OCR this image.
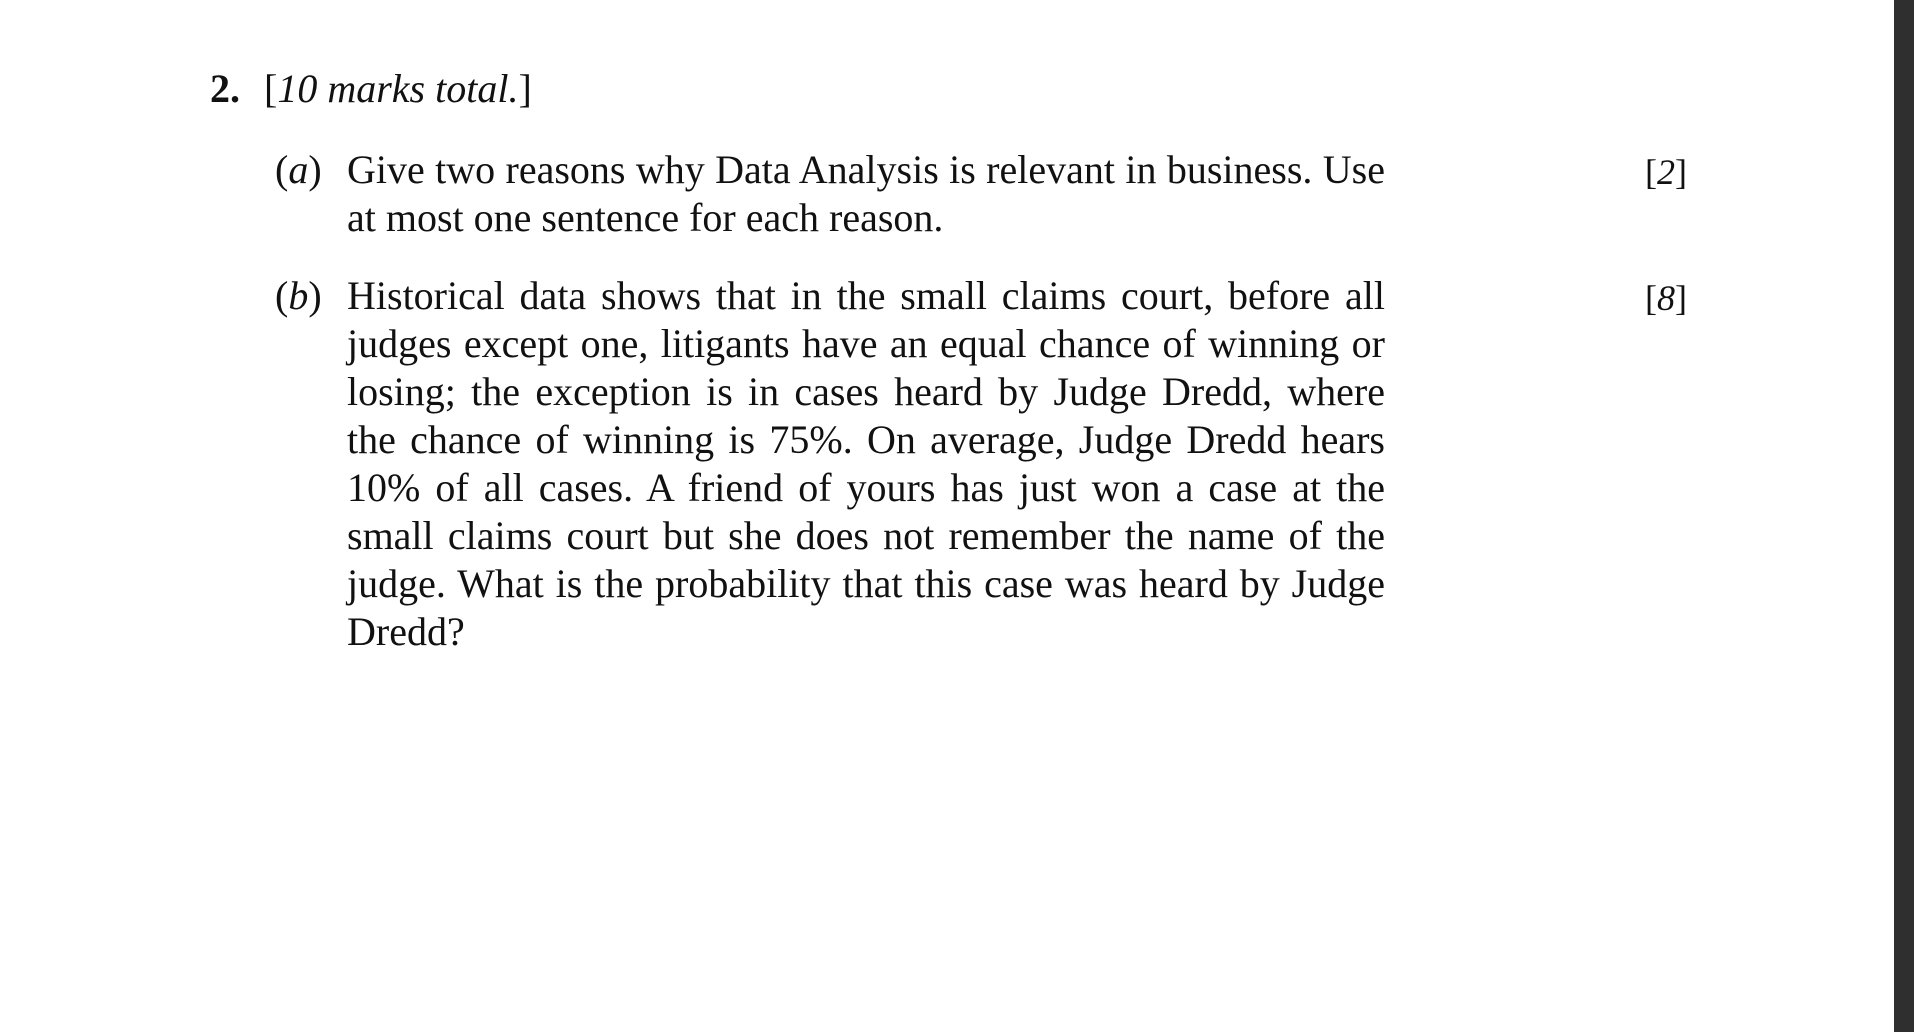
2. [10 marks total.]
(a) Give two reasons why Data Analysis is relevant in business. Use at most one sentence for each reason.

[2]
(b) Historical data shows that in the small claims court, before all judges except one, litigants have an equal chance of winning or losing; the exception is in cases heard by Judge Dredd, where the chance of winning is 75%. On average, Judge Dredd hears 10% of all cases. A friend of yours has just won a case at the small claims court but she does not remember the name of the judge. What is the probability that this case was heard by Judge Dredd?

[8]
